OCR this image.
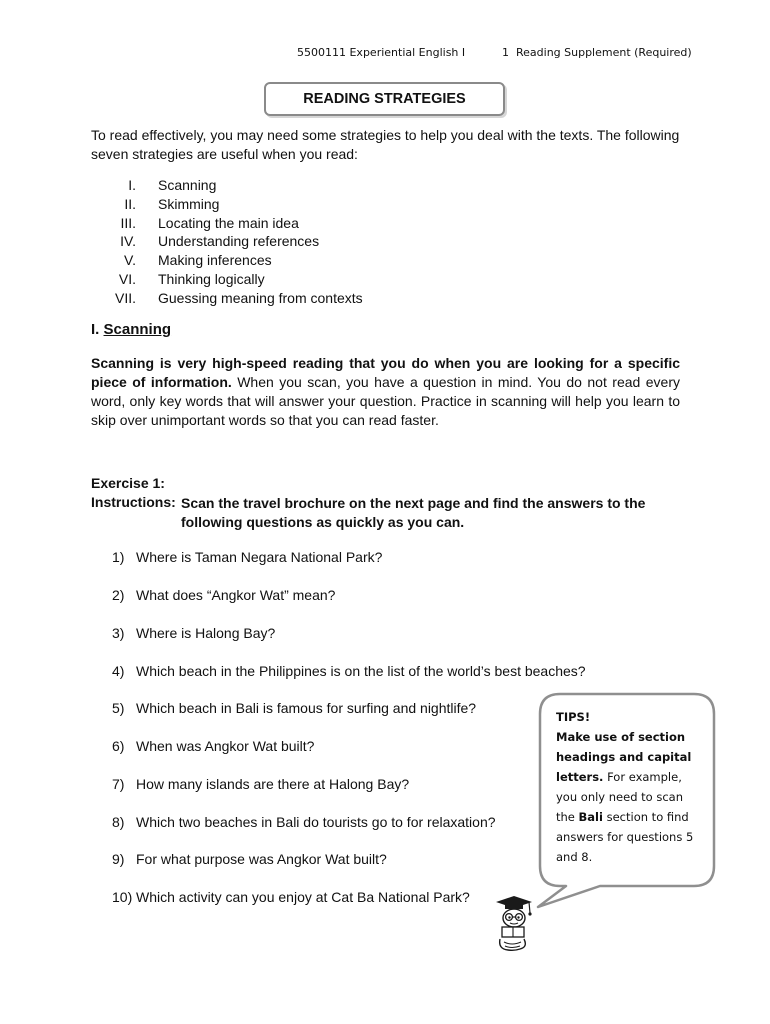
5500111 Experiential English I	1  Reading Supplement (Required)
READING STRATEGIES
To read effectively, you may need some strategies to help you deal with the texts. The following seven strategies are useful when you read:
I.	Scanning
II.	Skimming
III.	Locating the main idea
IV.	Understanding references
V.	Making inferences
VI.	Thinking logically
VII.	Guessing meaning from contexts
I. Scanning
Scanning is very high-speed reading that you do when you are looking for a specific piece of information. When you scan, you have a question in mind. You do not read every word, only key words that will answer your question. Practice in scanning will help you learn to skip over unimportant words so that you can read faster.
Exercise 1:
Instructions: Scan the travel brochure on the next page and find the answers to the following questions as quickly as you can.
1) Where is Taman Negara National Park?
2) What does “Angkor Wat” mean?
3) Where is Halong Bay?
4) Which beach in the Philippines is on the list of the world’s best beaches?
5) Which beach in Bali is famous for surfing and nightlife?
6) When was Angkor Wat built?
7) How many islands are there at Halong Bay?
8) Which two beaches in Bali do tourists go to for relaxation?
9) For what purpose was Angkor Wat built?
10) Which activity can you enjoy at Cat Ba National Park?
TIPS!
Make use of section headings and capital letters. For example, you only need to scan the Bali section to find answers for questions 5 and 8.
